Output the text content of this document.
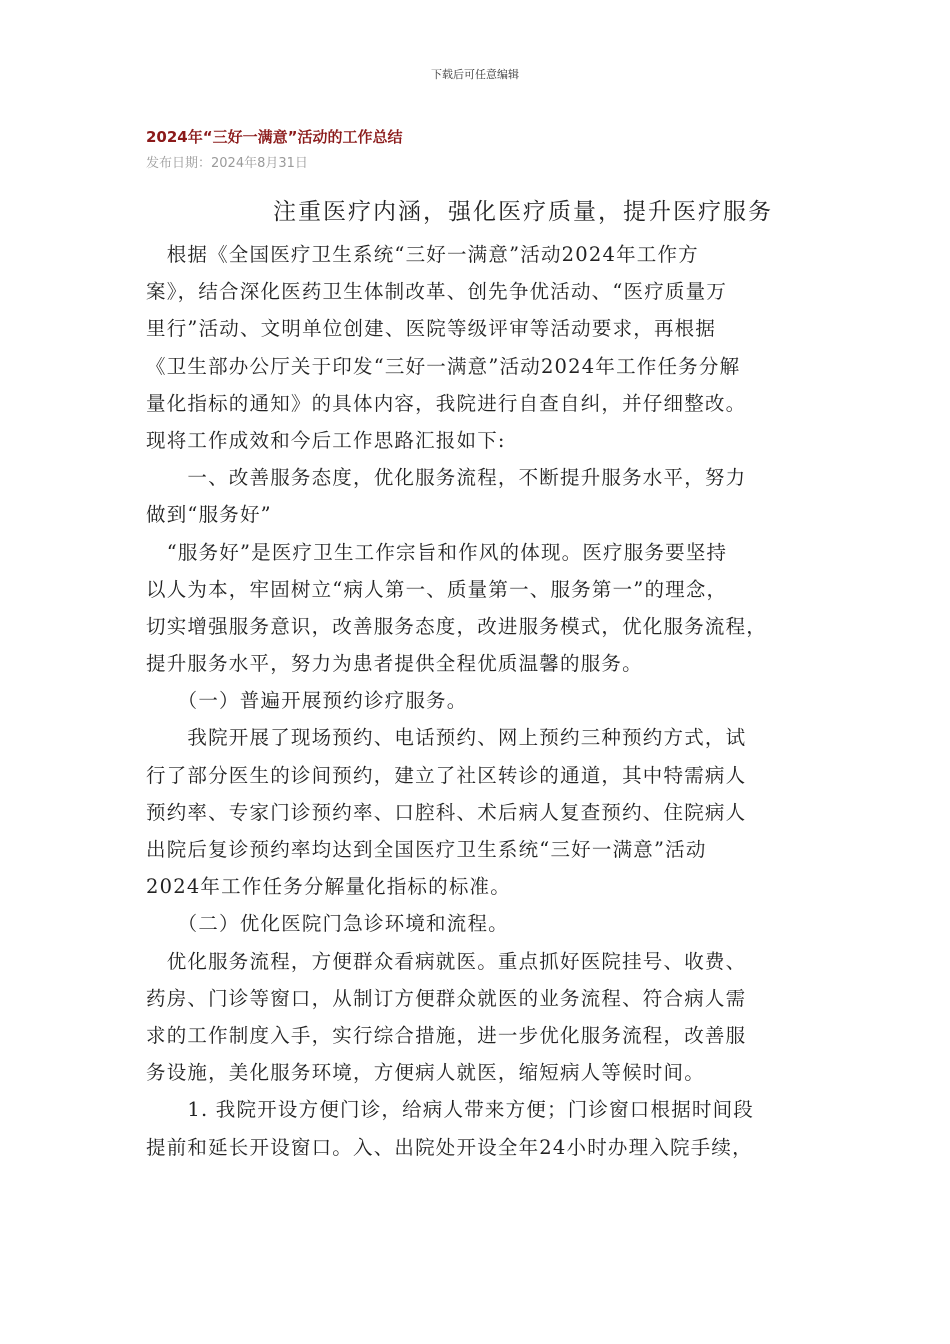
下载后可任意编辑
2024年“三好一满意”活动的工作总结
发布日期：2024年8月31日
注重医疗内涵，强化医疗质量，提升医疗服务
　根据《全国医疗卫生系统“三好一满意”活动2024年工作方
案》，结合深化医药卫生体制改革、创先争优活动、“医疗质量万
里行”活动、文明单位创建、医院等级评审等活动要求，再根据
《卫生部办公厅关于印发“三好一满意”活动2024年工作任务分解
量化指标的通知》的具体内容，我院进行自查自纠，并仔细整改。
现将工作成效和今后工作思路汇报如下:
　　一、改善服务态度，优化服务流程，不断提升服务水平，努力
做到“服务好”
　“服务好”是医疗卫生工作宗旨和作风的体现。医疗服务要坚持
以人为本，牢固树立“病人第一、质量第一、服务第一”的理念，
切实增强服务意识，改善服务态度，改进服务模式，优化服务流程，
提升服务水平，努力为患者提供全程优质温馨的服务。
　　（一）普遍开展预约诊疗服务。
　　我院开展了现场预约、电话预约、网上预约三种预约方式，试
行了部分医生的诊间预约，建立了社区转诊的通道，其中特需病人
预约率、专家门诊预约率、口腔科、术后病人复查预约、住院病人
出院后复诊预约率均达到全国医疗卫生系统“三好一满意”活动
2024年工作任务分解量化指标的标准。
　　（二）优化医院门急诊环境和流程。
　优化服务流程，方便群众看病就医。重点抓好医院挂号、收费、
药房、门诊等窗口，从制订方便群众就医的业务流程、符合病人需
求的工作制度入手，实行综合措施，进一步优化服务流程，改善服
务设施，美化服务环境，方便病人就医，缩短病人等候时间。
　　1. 我院开设方便门诊，给病人带来方便；门诊窗口根据时间段
提前和延长开设窗口。入、出院处开设全年24小时办理入院手续，
